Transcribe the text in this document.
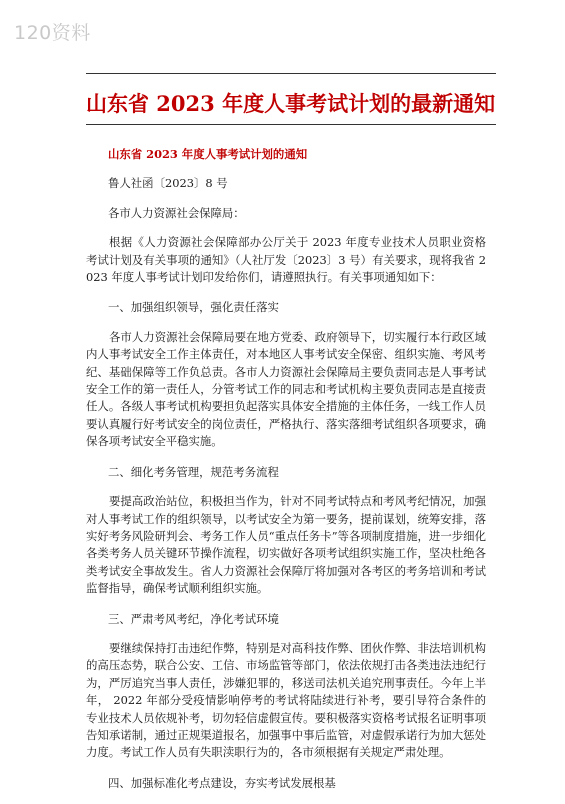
120资料
山东省 2023 年度人事考试计划的最新通知

山东省 2023 年度人事考试计划的通知

鲁人社函〔2023〕8 号

各市人力资源社会保障局：

根据《人力资源社会保障部办公厅关于 2023 年度专业技术人员职业资格考试计划及有关事项的通知》（人社厅发〔2023〕3 号）有关要求，现将我省 2023 年度人事考试计划印发给你们，请遵照执行。有关事项通知如下：

一、加强组织领导，强化责任落实

各市人力资源社会保障局要在地方党委、政府领导下，切实履行本行政区域内人事考试安全工作主体责任，对本地区人事考试安全保密、组织实施、考风考纪、基础保障等工作负总责。各市人力资源社会保障局主要负责同志是人事考试安全工作的第一责任人，分管考试工作的同志和考试机构主要负责同志是直接责任人。各级人事考试机构要担负起落实具体安全措施的主体任务，一线工作人员要认真履行好考试安全的岗位责任，严格执行、落实落细考试组织各项要求，确保各项考试安全平稳实施。

二、细化考务管理，规范考务流程

要提高政治站位，积极担当作为，针对不同考试特点和考风考纪情况，加强对人事考试工作的组织领导，以考试安全为第一要务，提前谋划，统筹安排，落实好考务风险研判会、考务工作人员“重点任务卡”等各项制度措施，进一步细化各类考务人员关键环节操作流程，切实做好各项考试组织实施工作，坚决杜绝各类考试安全事故发生。省人力资源社会保障厅将加强对各考区的考务培训和考试监督指导，确保考试顺利组织实施。

三、严肃考风考纪，净化考试环境

要继续保持打击违纪作弊，特别是对高科技作弊、团伙作弊、非法培训机构的高压态势，联合公安、工信、市场监管等部门，依法依规打击各类违法违纪行为，严厉追究当事人责任，涉嫌犯罪的，移送司法机关追究刑事责任。今年上半年， 2022 年部分受疫情影响停考的考试将陆续进行补考，要引导符合条件的专业技术人员依规补考，切勿轻信虚假宣传。要积极落实资格考试报名证明事项告知承诺制，通过正规渠道报名，加强事中事后监管，对虚假承诺行为加大惩处力度。考试工作人员有失职渎职行为的，各市须根据有关规定严肃处理。

四、加强标准化考点建设，夯实考试发展根基
